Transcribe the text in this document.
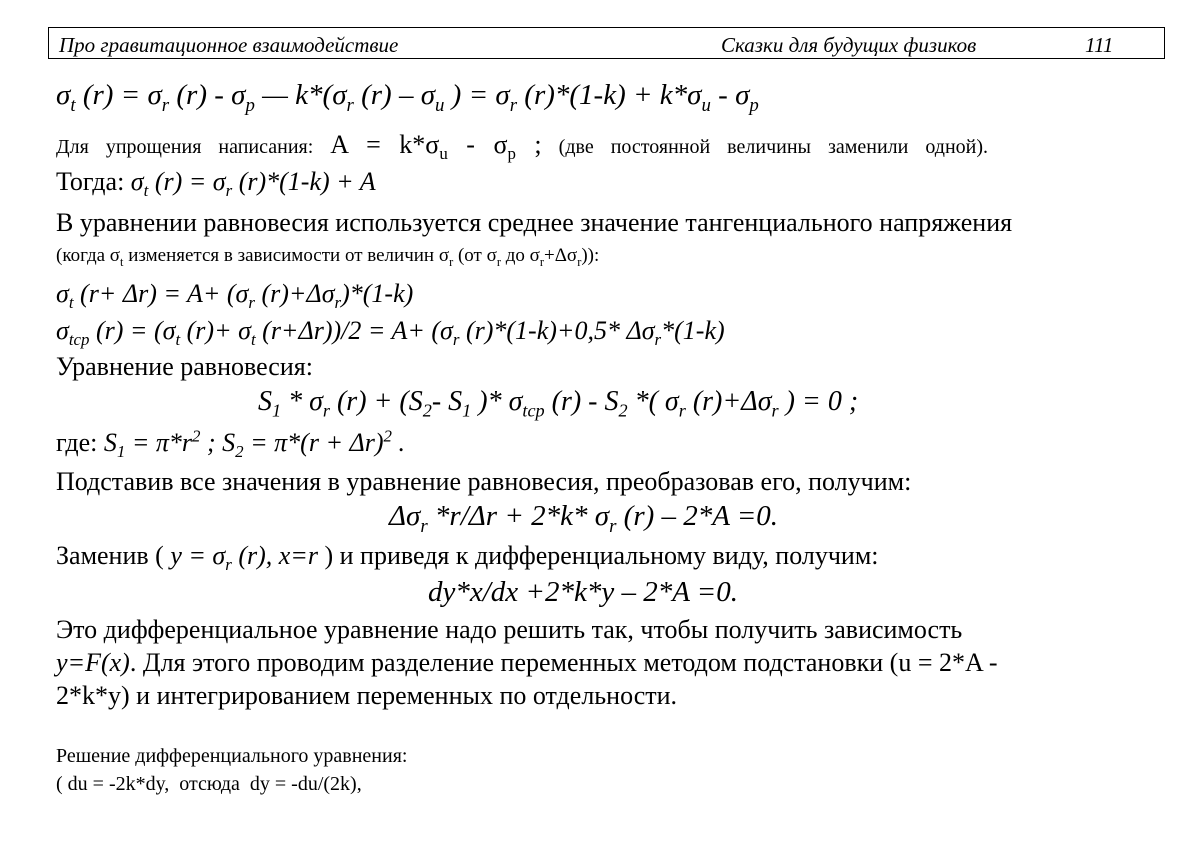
Про гравитационное взаимодействие	Сказки для будущих физиков	111
$\sigma_t$ $(r) = \sigma_r$ $(r) - \sigma_p$ — $k*(\sigma_r$ $(r) - \sigma_u$ ) = $\sigma_r$ $(r)*(1-k) + k*\sigma_u - \sigma_p$
Для упрощения написания: $A = k*\sigma_u - \sigma_p$ ; (две постоянной величины заменили одной).
Тогда: $\sigma_t$ $(r) = \sigma_r$ (r)*(1-k) + A
В уравнении равновесия используется среднее значение тангенциального напряжения
(когда $\sigma_t$ изменяется в зависимости от величин $\sigma_r$ (от $\sigma_r$ до $\sigma_r+\Delta\sigma_r$)):
$\sigma_t$ $(r+ \Delta r) = A+ (\sigma_r$ $(r)+\Delta\sigma_r)*(1-k)$
$\sigma_{tcp}$ $(r) = (\sigma_t$ $(r)+ \sigma_t$ $(r+\Delta r))/2 = A+ (\sigma_r$ (r)*(1-k)+0,5* $\Delta\sigma_r*(1-k)$
Уравнение равновесия:
$S_1 * \sigma_r$ $(r) + (S_2-$ $S_1$ )* $\sigma_{tcp}$ $(r) - S_2$ *( $\sigma_r$ $(r)+\Delta\sigma_r$ ) = 0 ;
где: $S_1 = \pi*r^2$ ; $S_2 = \pi*(r + \Delta r)^2$ .
Подставив все значения в уравнение равновесия, преобразовав его, получим:
$\Delta\sigma_r$ *r/Δr + 2*k* $\sigma_r$ (r) – 2*A =0.
Заменив ( $y = \sigma_r$ (r), x=r ) и приведя к дифференциальному виду, получим:
dy*x/dx +2*k*y – 2*A =0.
Это дифференциальное уравнение надо решить так, чтобы получить зависимость
y=F(x). Для этого проводим разделение переменных методом подстановки (u = 2*A -
2*k*y) и интегрированием переменных по отдельности.
Решение дифференциального уравнения:
( du = -2k*dy,  отсюда  dy = -du/(2k),
